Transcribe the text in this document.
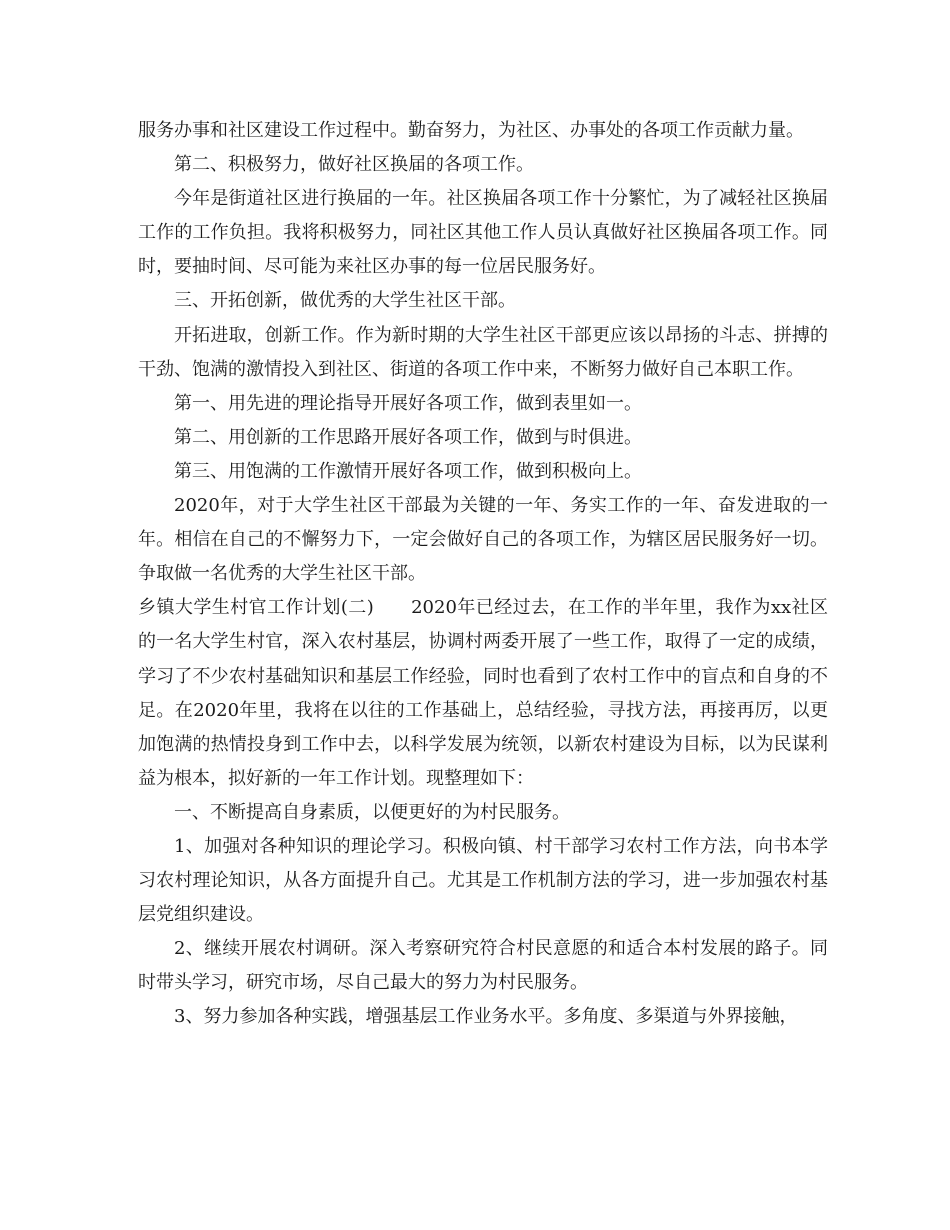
服务办事和社区建设工作过程中。勤奋努力，为社区、办事处的各项工作贡献力量。

第二、积极努力，做好社区换届的各项工作。

今年是街道社区进行换届的一年。社区换届各项工作十分繁忙，为了减轻社区换届工作的工作负担。我将积极努力，同社区其他工作人员认真做好社区换届各项工作。同时，要抽时间、尽可能为来社区办事的每一位居民服务好。

三、开拓创新，做优秀的大学生社区干部。

开拓进取，创新工作。作为新时期的大学生社区干部更应该以昂扬的斗志、拼搏的干劲、饱满的激情投入到社区、街道的各项工作中来，不断努力做好自己本职工作。

第一、用先进的理论指导开展好各项工作，做到表里如一。

第二、用创新的工作思路开展好各项工作，做到与时俱进。

第三、用饱满的工作激情开展好各项工作，做到积极向上。

2020年，对于大学生社区干部最为关键的一年、务实工作的一年、奋发进取的一年。相信在自己的不懈努力下，一定会做好自己的各项工作，为辖区居民服务好一切。争取做一名优秀的大学生社区干部。

乡镇大学生村官工作计划(二)　　2020年已经过去，在工作的半年里，我作为xx社区的一名大学生村官，深入农村基层，协调村两委开展了一些工作，取得了一定的成绩，学习了不少农村基础知识和基层工作经验，同时也看到了农村工作中的盲点和自身的不足。在2020年里，我将在以往的工作基础上，总结经验，寻找方法，再接再厉，以更加饱满的热情投身到工作中去，以科学发展为统领，以新农村建设为目标，以为民谋利益为根本，拟好新的一年工作计划。现整理如下：

一、不断提高自身素质，以便更好的为村民服务。

1、加强对各种知识的理论学习。积极向镇、村干部学习农村工作方法，向书本学习农村理论知识，从各方面提升自己。尤其是工作机制方法的学习，进一步加强农村基层党组织建设。

2、继续开展农村调研。深入考察研究符合村民意愿的和适合本村发展的路子。同时带头学习，研究市场，尽自己最大的努力为村民服务。

3、努力参加各种实践，增强基层工作业务水平。多角度、多渠道与外界接触，
